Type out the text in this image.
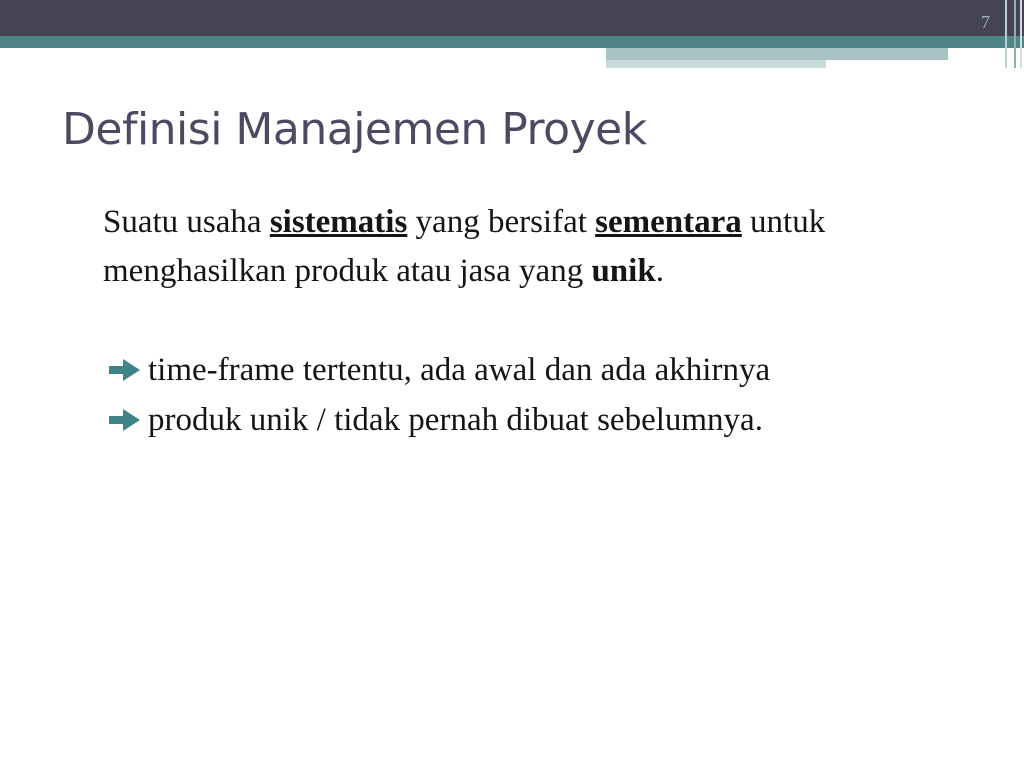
7
Definisi Manajemen Proyek

Suatu usaha sistematis yang bersifat sementara untuk menghasilkan produk atau jasa yang unik.

time-frame tertentu, ada awal dan ada akhirnya
produk unik / tidak pernah dibuat sebelumnya.
